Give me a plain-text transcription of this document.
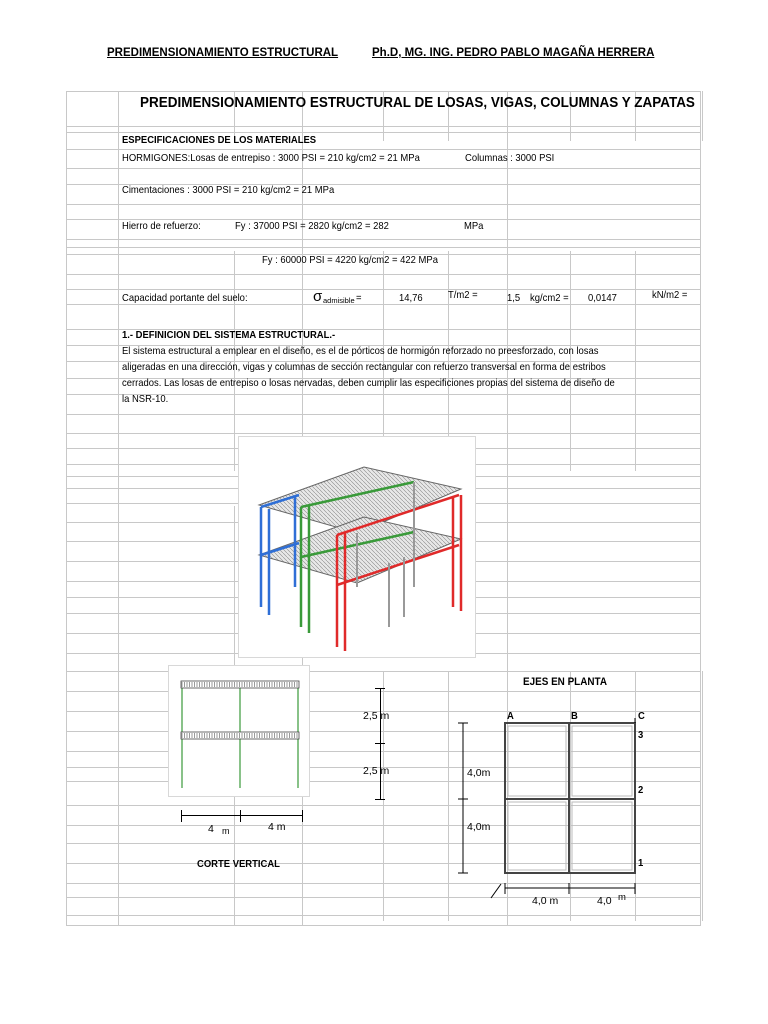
PREDIMENSIONAMIENTO ESTRUCTURAL	Ph.D, MG. ING. PEDRO PABLO MAGAÑA HERRERA
PREDIMENSIONAMIENTO ESTRUCTURAL DE LOSAS, VIGAS, COLUMNAS Y ZAPATAS
ESPECIFICACIONES DE LOS MATERIALES
HORMIGONES:Losas de entrepiso : 3000 PSI = 210 kg/cm2 = 21 MPa	Columnas : 3000 PSI
Cimentaciones : 3000 PSI = 210 kg/cm2 = 21 MPa
Hierro de refuerzo:	Fy : 37000 PSI = 2820 kg/cm2 = 282	MPa
Fy : 60000 PSI = 4220 kg/cm2 = 422 MPa
Capacidad portante del suelo:	σ admisible =	14,76 T/m2 =	1,5 kg/cm2 = 0,0147	kN/m2 =
1.- DEFINICION DEL SISTEMA ESTRUCTURAL.-
El sistema estructural a emplear en el diseño, es el de pórticos de hormigón reforzado no preesforzado, con losas
aligeradas en una dirección, vigas y columnas de sección rectangular con refuerzo transversal en forma de estribos
cerrados. Las losas de entrepiso o losas nervadas, deben cumplir las especificiones propias del sistema de diseño de
la NSR-10.
4 m	4 m
CORTE VERTICAL
2,5 m
2,5 m
EJES EN PLANTA
A	B	C
3
2
1
4,0m
4,0m
4,0 m	4,0 m
